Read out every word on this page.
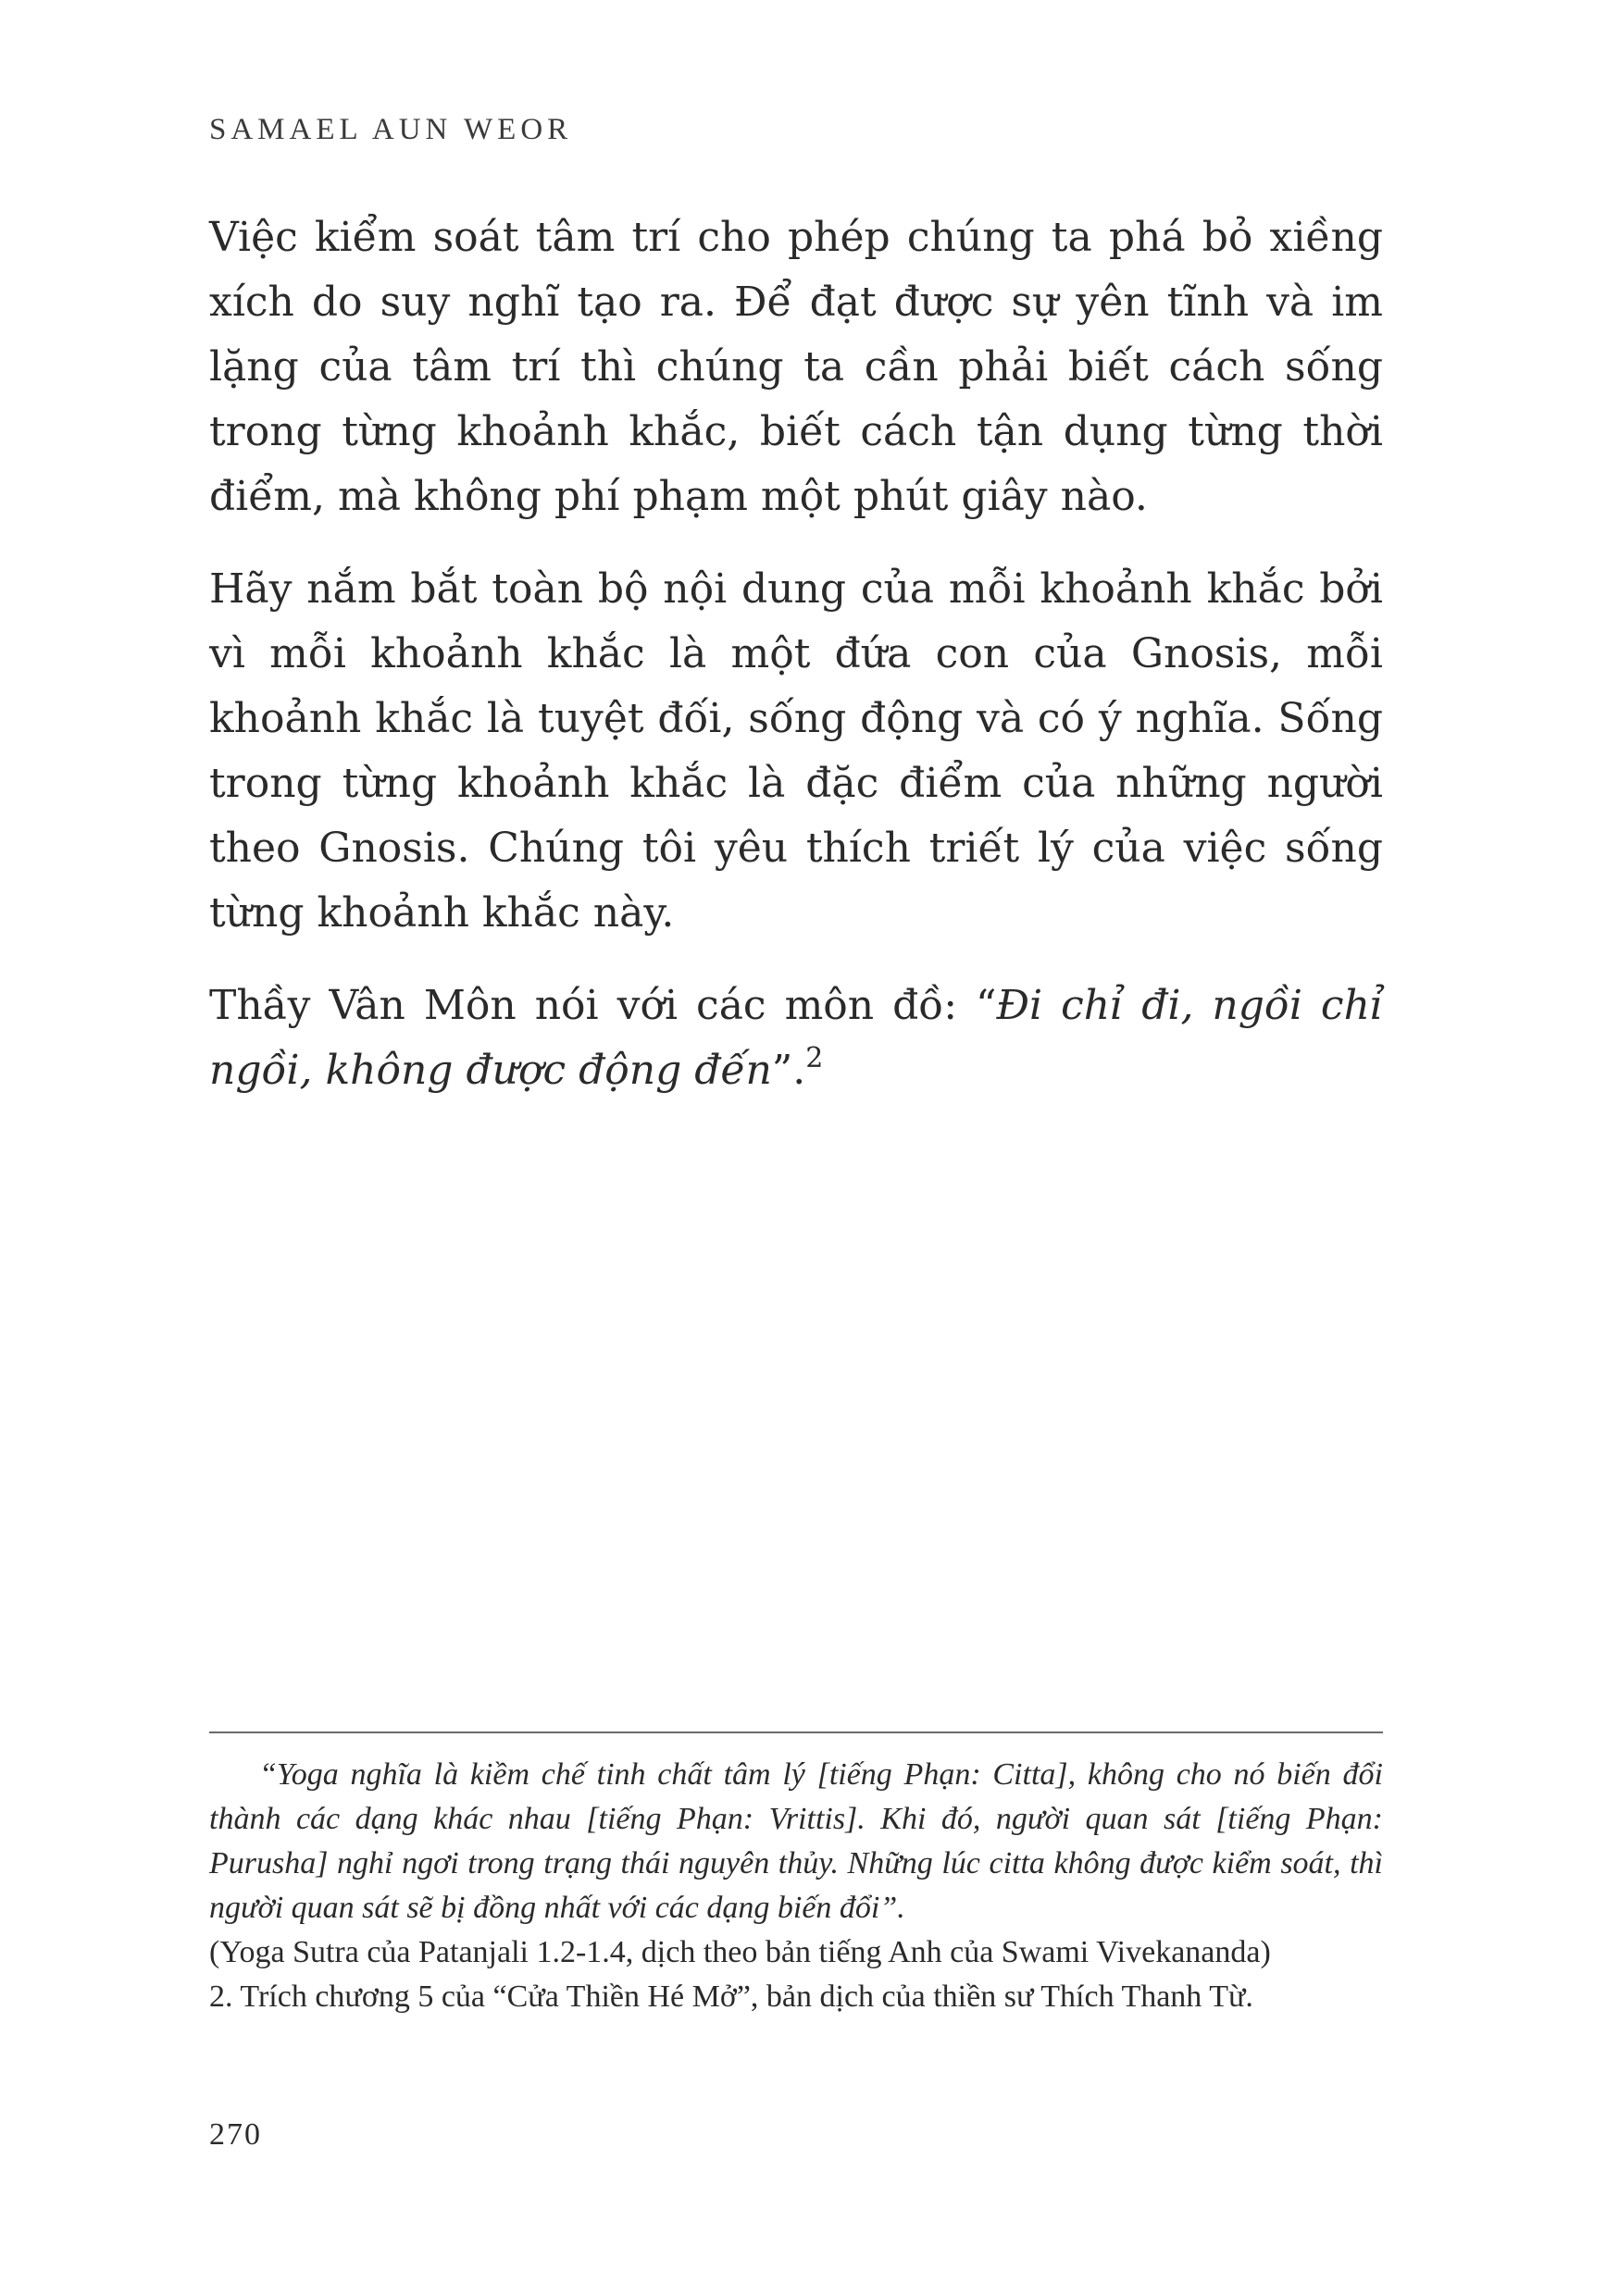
SAMAEL AUN WEOR

Việc kiểm soát tâm trí cho phép chúng ta phá bỏ xiềng xích do suy nghĩ tạo ra. Để đạt được sự yên tĩnh và im lặng của tâm trí thì chúng ta cần phải biết cách sống trong từng khoảnh khắc, biết cách tận dụng từng thời điểm, mà không phí phạm một phút giây nào.

Hãy nắm bắt toàn bộ nội dung của mỗi khoảnh khắc bởi vì mỗi khoảnh khắc là một đứa con của Gnosis, mỗi khoảnh khắc là tuyệt đối, sống động và có ý nghĩa. Sống trong từng khoảnh khắc là đặc điểm của những người theo Gnosis. Chúng tôi yêu thích triết lý của việc sống từng khoảnh khắc này.

Thầy Vân Môn nói với các môn đồ: “Đi chỉ đi, ngồi chỉ ngồi, không được động đến”.$^2$

“Yoga nghĩa là kiềm chế tinh chất tâm lý [tiếng Phạn: Citta], không cho nó biến đổi thành các dạng khác nhau [tiếng Phạn: Vrittis]. Khi đó, người quan sát [tiếng Phạn: Purusha] nghỉ ngơi trong trạng thái nguyên thủy. Những lúc citta không được kiểm soát, thì người quan sát sẽ bị đồng nhất với các dạng biến đổi”.

(Yoga Sutra của Patanjali 1.2-1.4, dịch theo bản tiếng Anh của Swami Vivekananda)

2. Trích chương 5 của “Cửa Thiền Hé Mở”, bản dịch của thiền sư Thích Thanh Từ.

270
